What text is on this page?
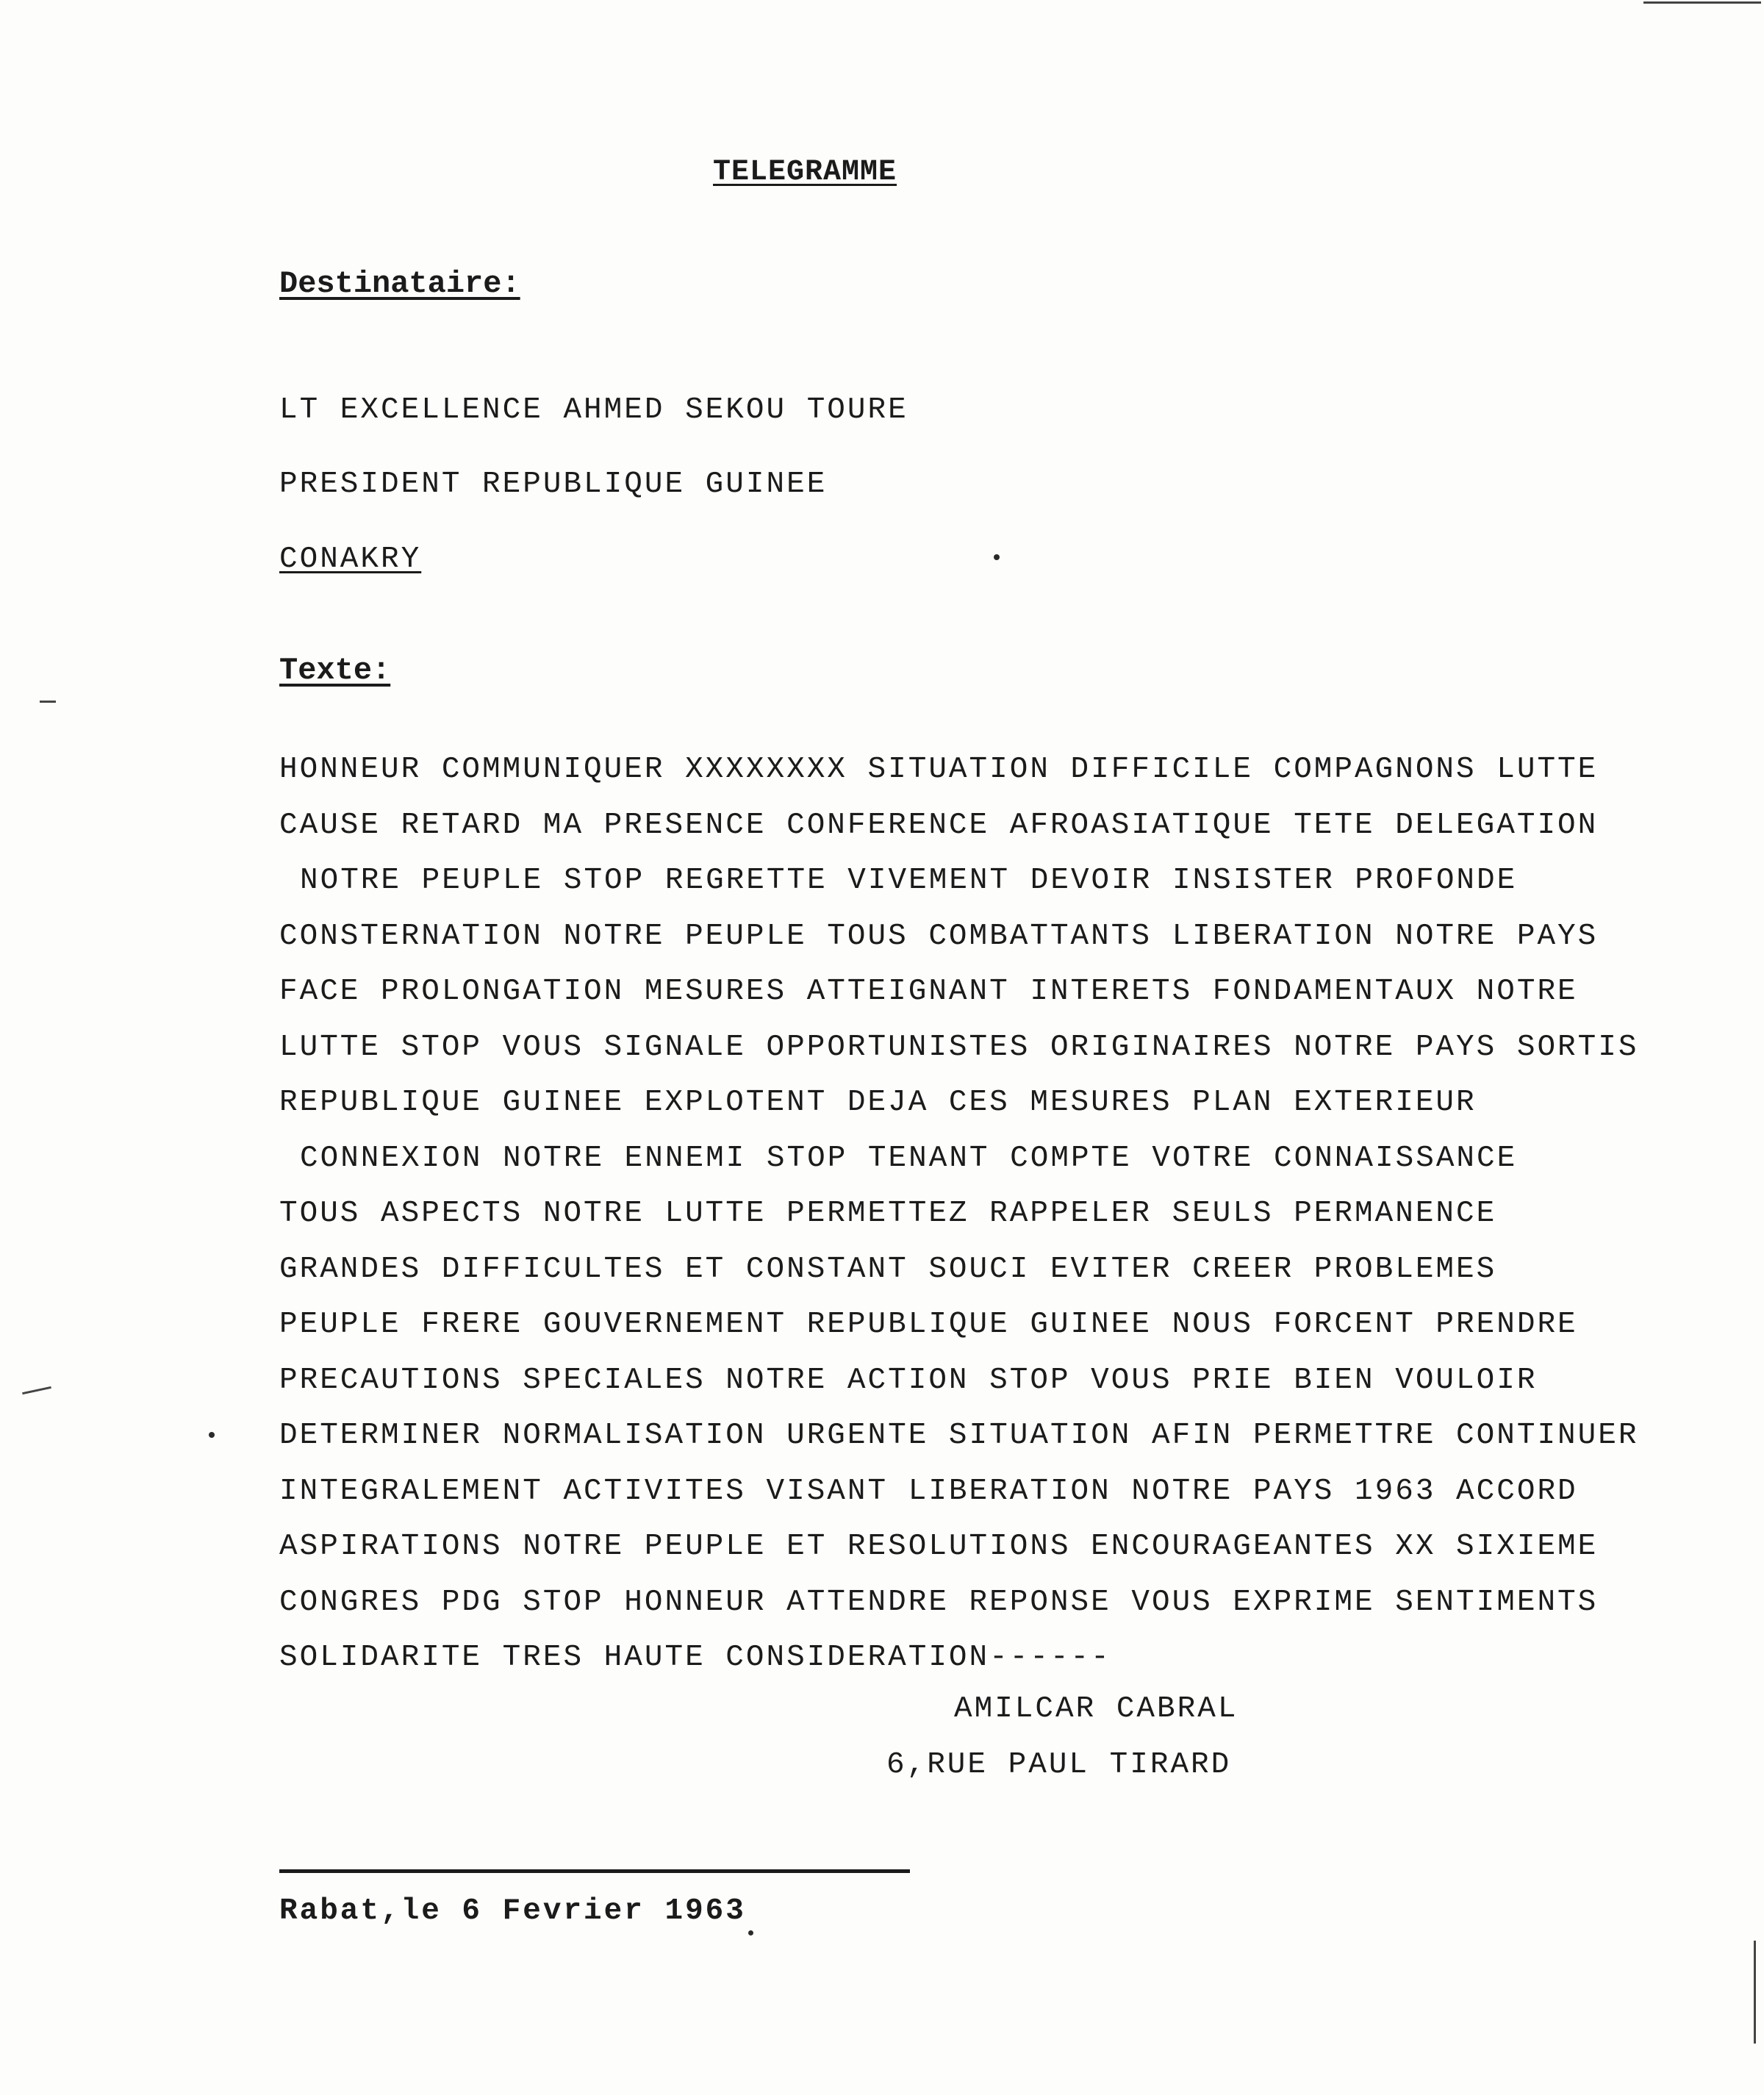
TELEGRAMME
Destinataire:
LT EXCELLENCE AHMED SEKOU TOURE
PRESIDENT REPUBLIQUE GUINEE
CONAKRY
Texte:
HONNEUR COMMUNIQUER XXXXXXXX SITUATION DIFFICILE COMPAGNONS LUTTE
CAUSE RETARD MA PRESENCE CONFERENCE AFROASIATIQUE TETE DELEGATION
NOTRE PEUPLE STOP REGRETTE VIVEMENT DEVOIR INSISTER PROFONDE
CONSTERNATION NOTRE PEUPLE TOUS COMBATTANTS LIBERATION NOTRE PAYS
FACE PROLONGATION MESURES ATTEIGNANT INTERETS FONDAMENTAUX NOTRE
LUTTE STOP VOUS SIGNALE OPPORTUNISTES ORIGINAIRES NOTRE PAYS SORTIS
REPUBLIQUE GUINEE EXPLOTENT DEJA CES MESURES PLAN EXTERIEUR
CONNEXION NOTRE ENNEMI STOP TENANT COMPTE VOTRE CONNAISSANCE
TOUS ASPECTS NOTRE LUTTE PERMETTEZ RAPPELER SEULS PERMANENCE
GRANDES DIFFICULTES ET CONSTANT SOUCI EVITER CREER PROBLEMES
PEUPLE FRERE GOUVERNEMENT REPUBLIQUE GUINEE NOUS FORCENT PRENDRE
PRECAUTIONS SPECIALES NOTRE ACTION STOP VOUS PRIE BIEN VOULOIR
DETERMINER NORMALISATION URGENTE SITUATION AFIN PERMETTRE CONTINUER
INTEGRALEMENT ACTIVITES VISANT LIBERATION NOTRE PAYS 1963 ACCORD
ASPIRATIONS NOTRE PEUPLE ET RESOLUTIONS ENCOURAGEANTES XX SIXIEME
CONGRES PDG STOP HONNEUR ATTENDRE REPONSE VOUS EXPRIME SENTIMENTS
SOLIDARITE TRES HAUTE CONSIDERATION------
AMILCAR CABRAL
6,RUE PAUL TIRARD
Rabat,le 6 Fevrier 1963
